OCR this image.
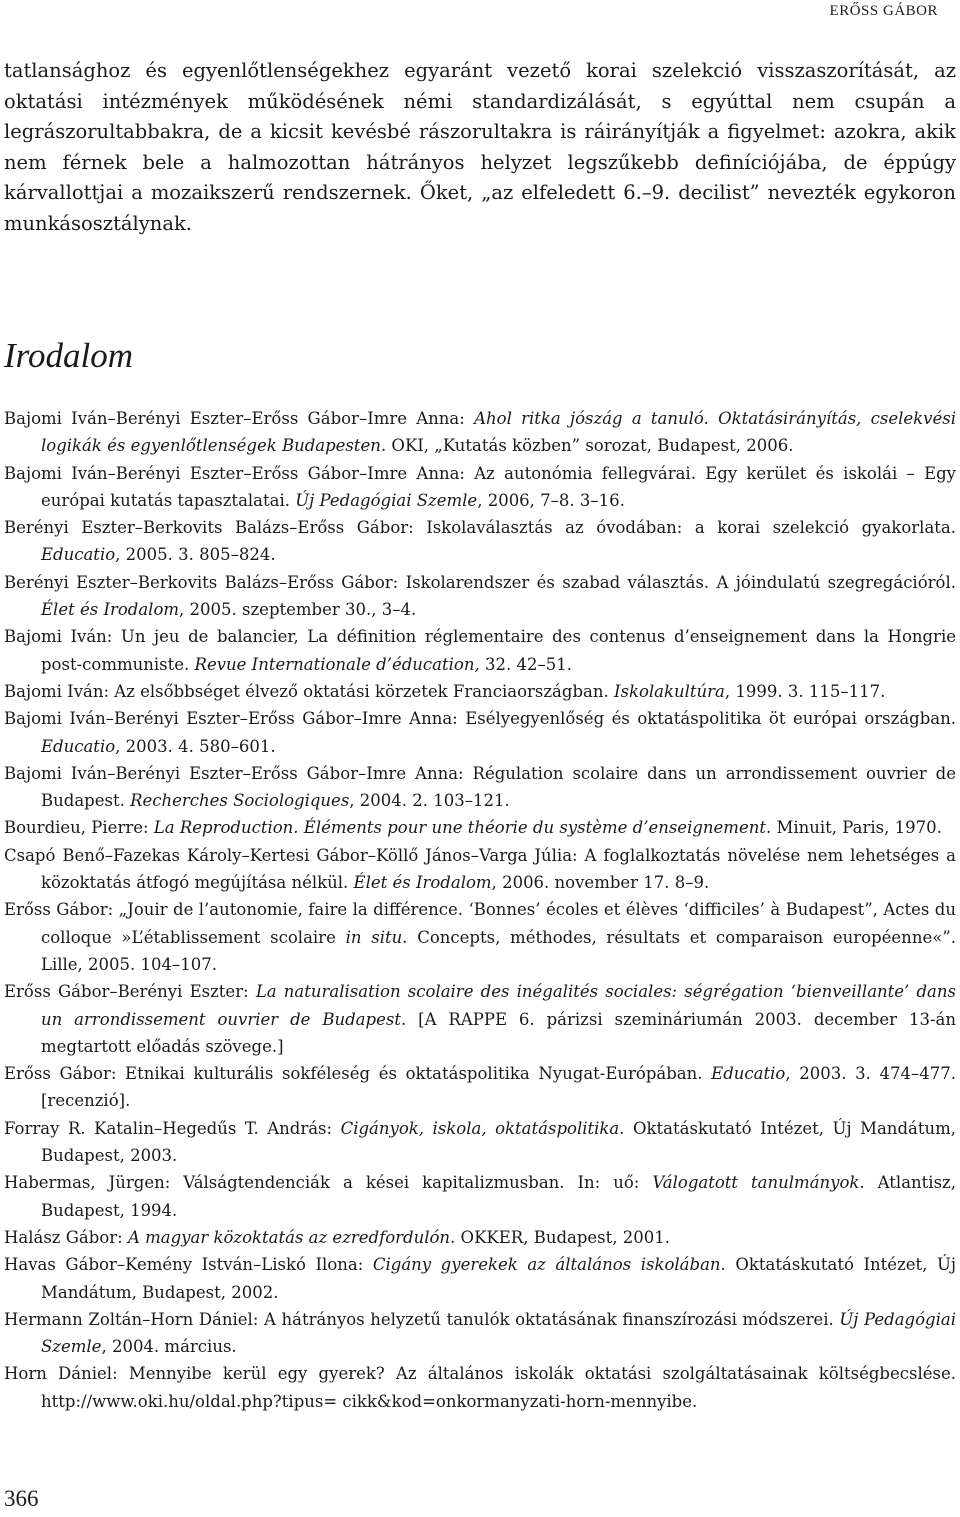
ERŐSS GÁBOR

tatlansághoz és egyenlőtlenségekhez egyaránt vezető korai szelekció visszaszorítását, az oktatási intézmények működésének némi standardizálását, s egyúttal nem csupán a legrászorultabbakra, de a kicsit kevésbé rászorultakra is ráirányítják a figyelmet: azokra, akik nem férnek bele a halmozottan hátrányos helyzet legszűkebb definíciójába, de éppúgy kárvallottjai a mozaikszerű rendszernek. Őket, „az elfeledett 6.–9. decilist” nevezték egykoron munkásosztálynak.

Irodalom
Bajomi Iván–Berényi Eszter–Erőss Gábor–Imre Anna: Ahol ritka jószág a tanuló. Oktatásirányítás, cselekvési logikák és egyenlőtlenségek Budapesten. OKI, „Kutatás közben” sorozat, Budapest, 2006.
Bajomi Iván–Berényi Eszter–Erőss Gábor–Imre Anna: Az autonómia fellegvárai. Egy kerület és iskolái – Egy európai kutatás tapasztalatai. Új Pedagógiai Szemle, 2006, 7–8. 3–16.
Berényi Eszter–Berkovits Balázs–Erőss Gábor: Iskolaválasztás az óvodában: a korai szelekció gyakorlata. Educatio, 2005. 3. 805–824.
Berényi Eszter–Berkovits Balázs–Erőss Gábor: Iskolarendszer és szabad választás. A jóindulatú szegregációról. Élet és Irodalom, 2005. szeptember 30., 3–4.
Bajomi Iván: Un jeu de balancier, La définition réglementaire des contenus d’enseignement dans la Hongrie post-communiste. Revue Internationale d’éducation, 32. 42–51.
Bajomi Iván: Az elsőbbséget élvező oktatási körzetek Franciaországban. Iskolakultúra, 1999. 3. 115–117.
Bajomi Iván–Berényi Eszter–Erőss Gábor–Imre Anna: Esélyegyenlőség és oktatáspolitika öt európai országban. Educatio, 2003. 4. 580–601.
Bajomi Iván–Berényi Eszter–Erőss Gábor–Imre Anna: Régulation scolaire dans un arrondissement ouvrier de Budapest. Recherches Sociologiques, 2004. 2. 103–121.
Bourdieu, Pierre: La Reproduction. Éléments pour une théorie du système d’enseignement. Minuit, Paris, 1970.
Csapó Benő–Fazekas Károly–Kertesi Gábor–Köllő János–Varga Júlia: A foglalkoztatás növelése nem lehetséges a közoktatás átfogó megújítása nélkül. Élet és Irodalom, 2006. november 17. 8–9.
Erőss Gábor: „Jouir de l’autonomie, faire la différence. ‘Bonnes’ écoles et élèves ‘difficiles’ à Budapest”, Actes du colloque »L’établissement scolaire in situ. Concepts, méthodes, résultats et comparaison européenne«”. Lille, 2005. 104–107.
Erőss Gábor–Berényi Eszter: La naturalisation scolaire des inégalités sociales: ségrégation ‘bienveillante’ dans un arrondissement ouvrier de Budapest. [A RAPPE 6. párizsi szemináriumán 2003. december 13-án megtartott előadás szövege.]
Erőss Gábor: Etnikai kulturális sokféleség és oktatáspolitika Nyugat-Európában. Educatio, 2003. 3. 474–477. [recenzió].
Forray R. Katalin–Hegedűs T. András: Cigányok, iskola, oktatáspolitika. Oktatáskutató Intézet, Új Mandátum, Budapest, 2003.
Habermas, Jürgen: Válságtendenciák a kései kapitalizmusban. In: uő: Válogatott tanulmányok. Atlantisz, Budapest, 1994.
Halász Gábor: A magyar közoktatás az ezredfordulón. OKKER, Budapest, 2001.
Havas Gábor–Kemény István–Liskó Ilona: Cigány gyerekek az általános iskolában. Oktatáskutató Intézet, Új Mandátum, Budapest, 2002.
Hermann Zoltán–Horn Dániel: A hátrányos helyzetű tanulók oktatásának finanszírozási módszerei. Új Pedagógiai Szemle, 2004. március.
Horn Dániel: Mennyibe kerül egy gyerek? Az általános iskolák oktatási szolgáltatásainak költségbecslése. http://www.oki.hu/oldal.php?tipus= cikk&kod=onkormanyzati-horn-mennyibe.
366
